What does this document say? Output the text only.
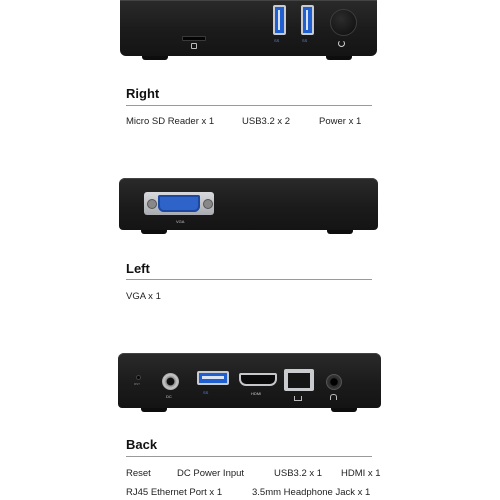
SS	SS
Right
Micro SD Reader x 1	USB3.2 x 2	Power x 1
VGA
Left
VGA x 1
RST
DC
SS	HDMI
Back
Reset	DC Power Input	USB3.2 x 1 HDMI x 1
RJ45 Ethernet Port x 1	3.5mm Headphone Jack x 1
